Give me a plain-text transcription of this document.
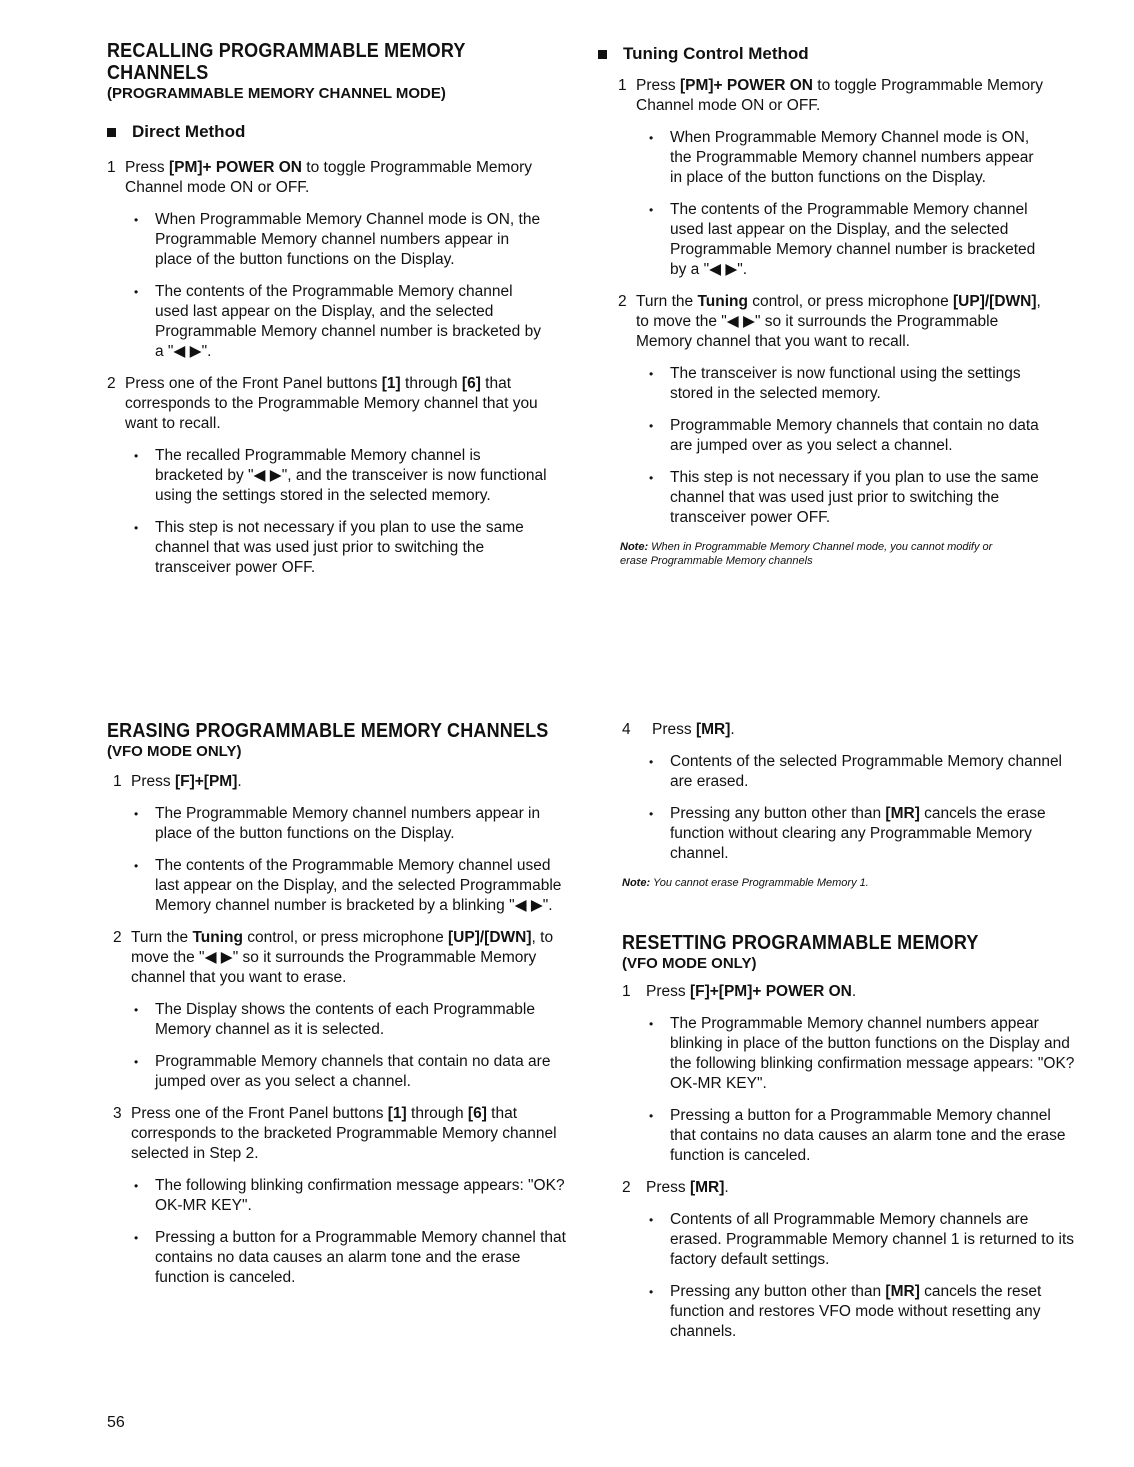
RECALLING PROGRAMMABLE MEMORY
CHANNELS
(PROGRAMMABLE MEMORY CHANNEL MODE)
Direct Method
1 Press [PM]+ POWER ON to toggle Programmable Memory Channel mode ON or OFF.
• When Programmable Memory Channel mode is ON, the Programmable Memory channel numbers appear in place of the button functions on the Display.
• The contents of the Programmable Memory channel used last appear on the Display, and the selected Programmable Memory channel number is bracketed by a "◀ ▶".
2 Press one of the Front Panel buttons [1] through [6] that corresponds to the Programmable Memory channel that you want to recall.
• The recalled Programmable Memory channel is bracketed by "◀ ▶", and the transceiver is now functional using the settings stored in the selected memory.
• This step is not necessary if you plan to use the same channel that was used just prior to switching the transceiver power OFF.
Tuning Control Method
1 Press [PM]+ POWER ON to toggle Programmable Memory Channel mode ON or OFF.
• When Programmable Memory Channel mode is ON, the Programmable Memory channel numbers appear in place of the button functions on the Display.
• The contents of the Programmable Memory channel used last appear on the Display, and the selected Programmable Memory channel number is bracketed by a "◀ ▶".
2 Turn the Tuning control, or press microphone [UP]/[DWN], to move the "◀ ▶" so it surrounds the Programmable Memory channel that you want to recall.
• The transceiver is now functional using the settings stored in the selected memory.
• Programmable Memory channels that contain no data are jumped over as you select a channel.
• This step is not necessary if you plan to use the same channel that was used just prior to switching the transceiver power OFF.

Note: When in Programmable Memory Channel mode, you cannot modify or erase Programmable Memory channels

ERASING PROGRAMMABLE MEMORY CHANNELS
(VFO MODE ONLY)
1 Press [F]+[PM].
• The Programmable Memory channel numbers appear in place of the button functions on the Display.
• The contents of the Programmable Memory channel used last appear on the Display, and the selected Programmable Memory channel number is bracketed by a blinking "◀ ▶".
2 Turn the Tuning control, or press microphone [UP]/[DWN], to move the "◀ ▶" so it surrounds the Programmable Memory channel that you want to erase.
• The Display shows the contents of each Programmable Memory channel as it is selected.
• Programmable Memory channels that contain no data are jumped over as you select a channel.
3 Press one of the Front Panel buttons [1] through [6] that corresponds to the bracketed Programmable Memory channel selected in Step 2.
• The following blinking confirmation message appears: "OK?OK-MR KEY".
• Pressing a button for a Programmable Memory channel that contains no data causes an alarm tone and the erase function is canceled.
4 Press [MR].
• Contents of the selected Programmable Memory channel are erased.
• Pressing any button other than [MR] cancels the erase function without clearing any Programmable Memory channel.

Note: You cannot erase Programmable Memory 1.

RESETTING PROGRAMMABLE MEMORY
(VFO MODE ONLY)
1 Press [F]+[PM]+ POWER ON.
• The Programmable Memory channel numbers appear blinking in place of the button functions on the Display and the following blinking confirmation message appears: "OK?OK-MR KEY".
• Pressing a button for a Programmable Memory channel that contains no data causes an alarm tone and the erase function is canceled.
2 Press [MR].
• Contents of all Programmable Memory channels are erased. Programmable Memory channel 1 is returned to its factory default settings.
• Pressing any button other than [MR] cancels the reset function and restores VFO mode without resetting any channels.
56
